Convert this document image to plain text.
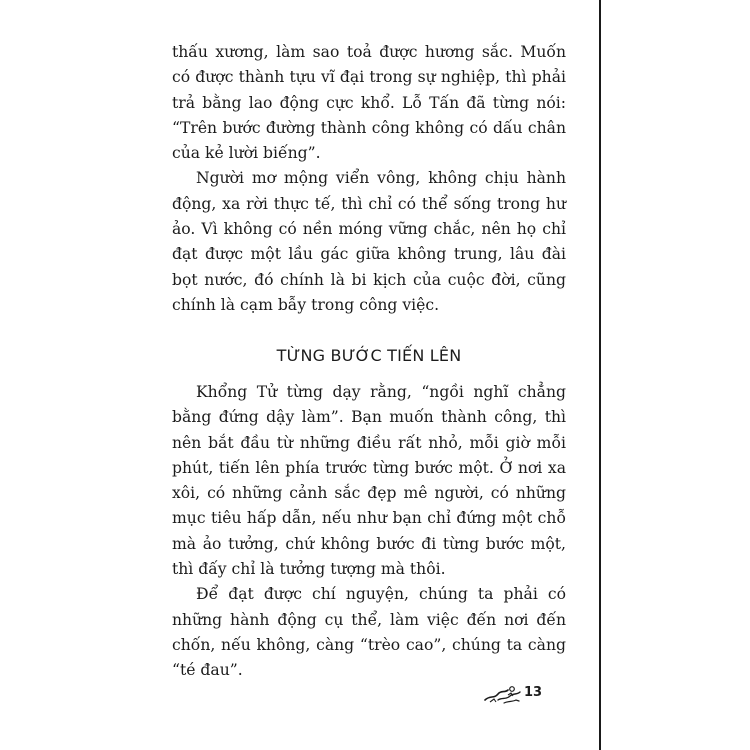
thấu xương, làm sao toả được hương sắc. Muốn có được thành tựu vĩ đại trong sự nghiệp, thì phải trả bằng lao động cực khổ. Lỗ Tấn đã từng nói: “Trên bước đường thành công không có dấu chân của kẻ lười biếng”.

Người mơ mộng viển vông, không chịu hành động, xa rời thực tế, thì chỉ có thể sống trong hư ảo. Vì không có nền móng vững chắc, nên họ chỉ đạt được một lầu gác giữa không trung, lâu đài bọt nước, đó chính là bi kịch của cuộc đời, cũng chính là cạm bẫy trong công việc.

TỪNG BƯỚC TIẾN LÊN

Khổng Tử từng dạy rằng, “ngồi nghĩ chẳng bằng đứng dậy làm”. Bạn muốn thành công, thì nên bắt đầu từ những điều rất nhỏ, mỗi giờ mỗi phút, tiến lên phía trước từng bước một. Ở nơi xa xôi, có những cảnh sắc đẹp mê người, có những mục tiêu hấp dẫn, nếu như bạn chỉ đứng một chỗ mà ảo tưởng, chứ không bước đi từng bước một, thì đấy chỉ là tưởng tượng mà thôi.

Để đạt được chí nguyện, chúng ta phải có những hành động cụ thể, làm việc đến nơi đến chốn, nếu không, càng “trèo cao”, chúng ta càng “té đau”.

13
